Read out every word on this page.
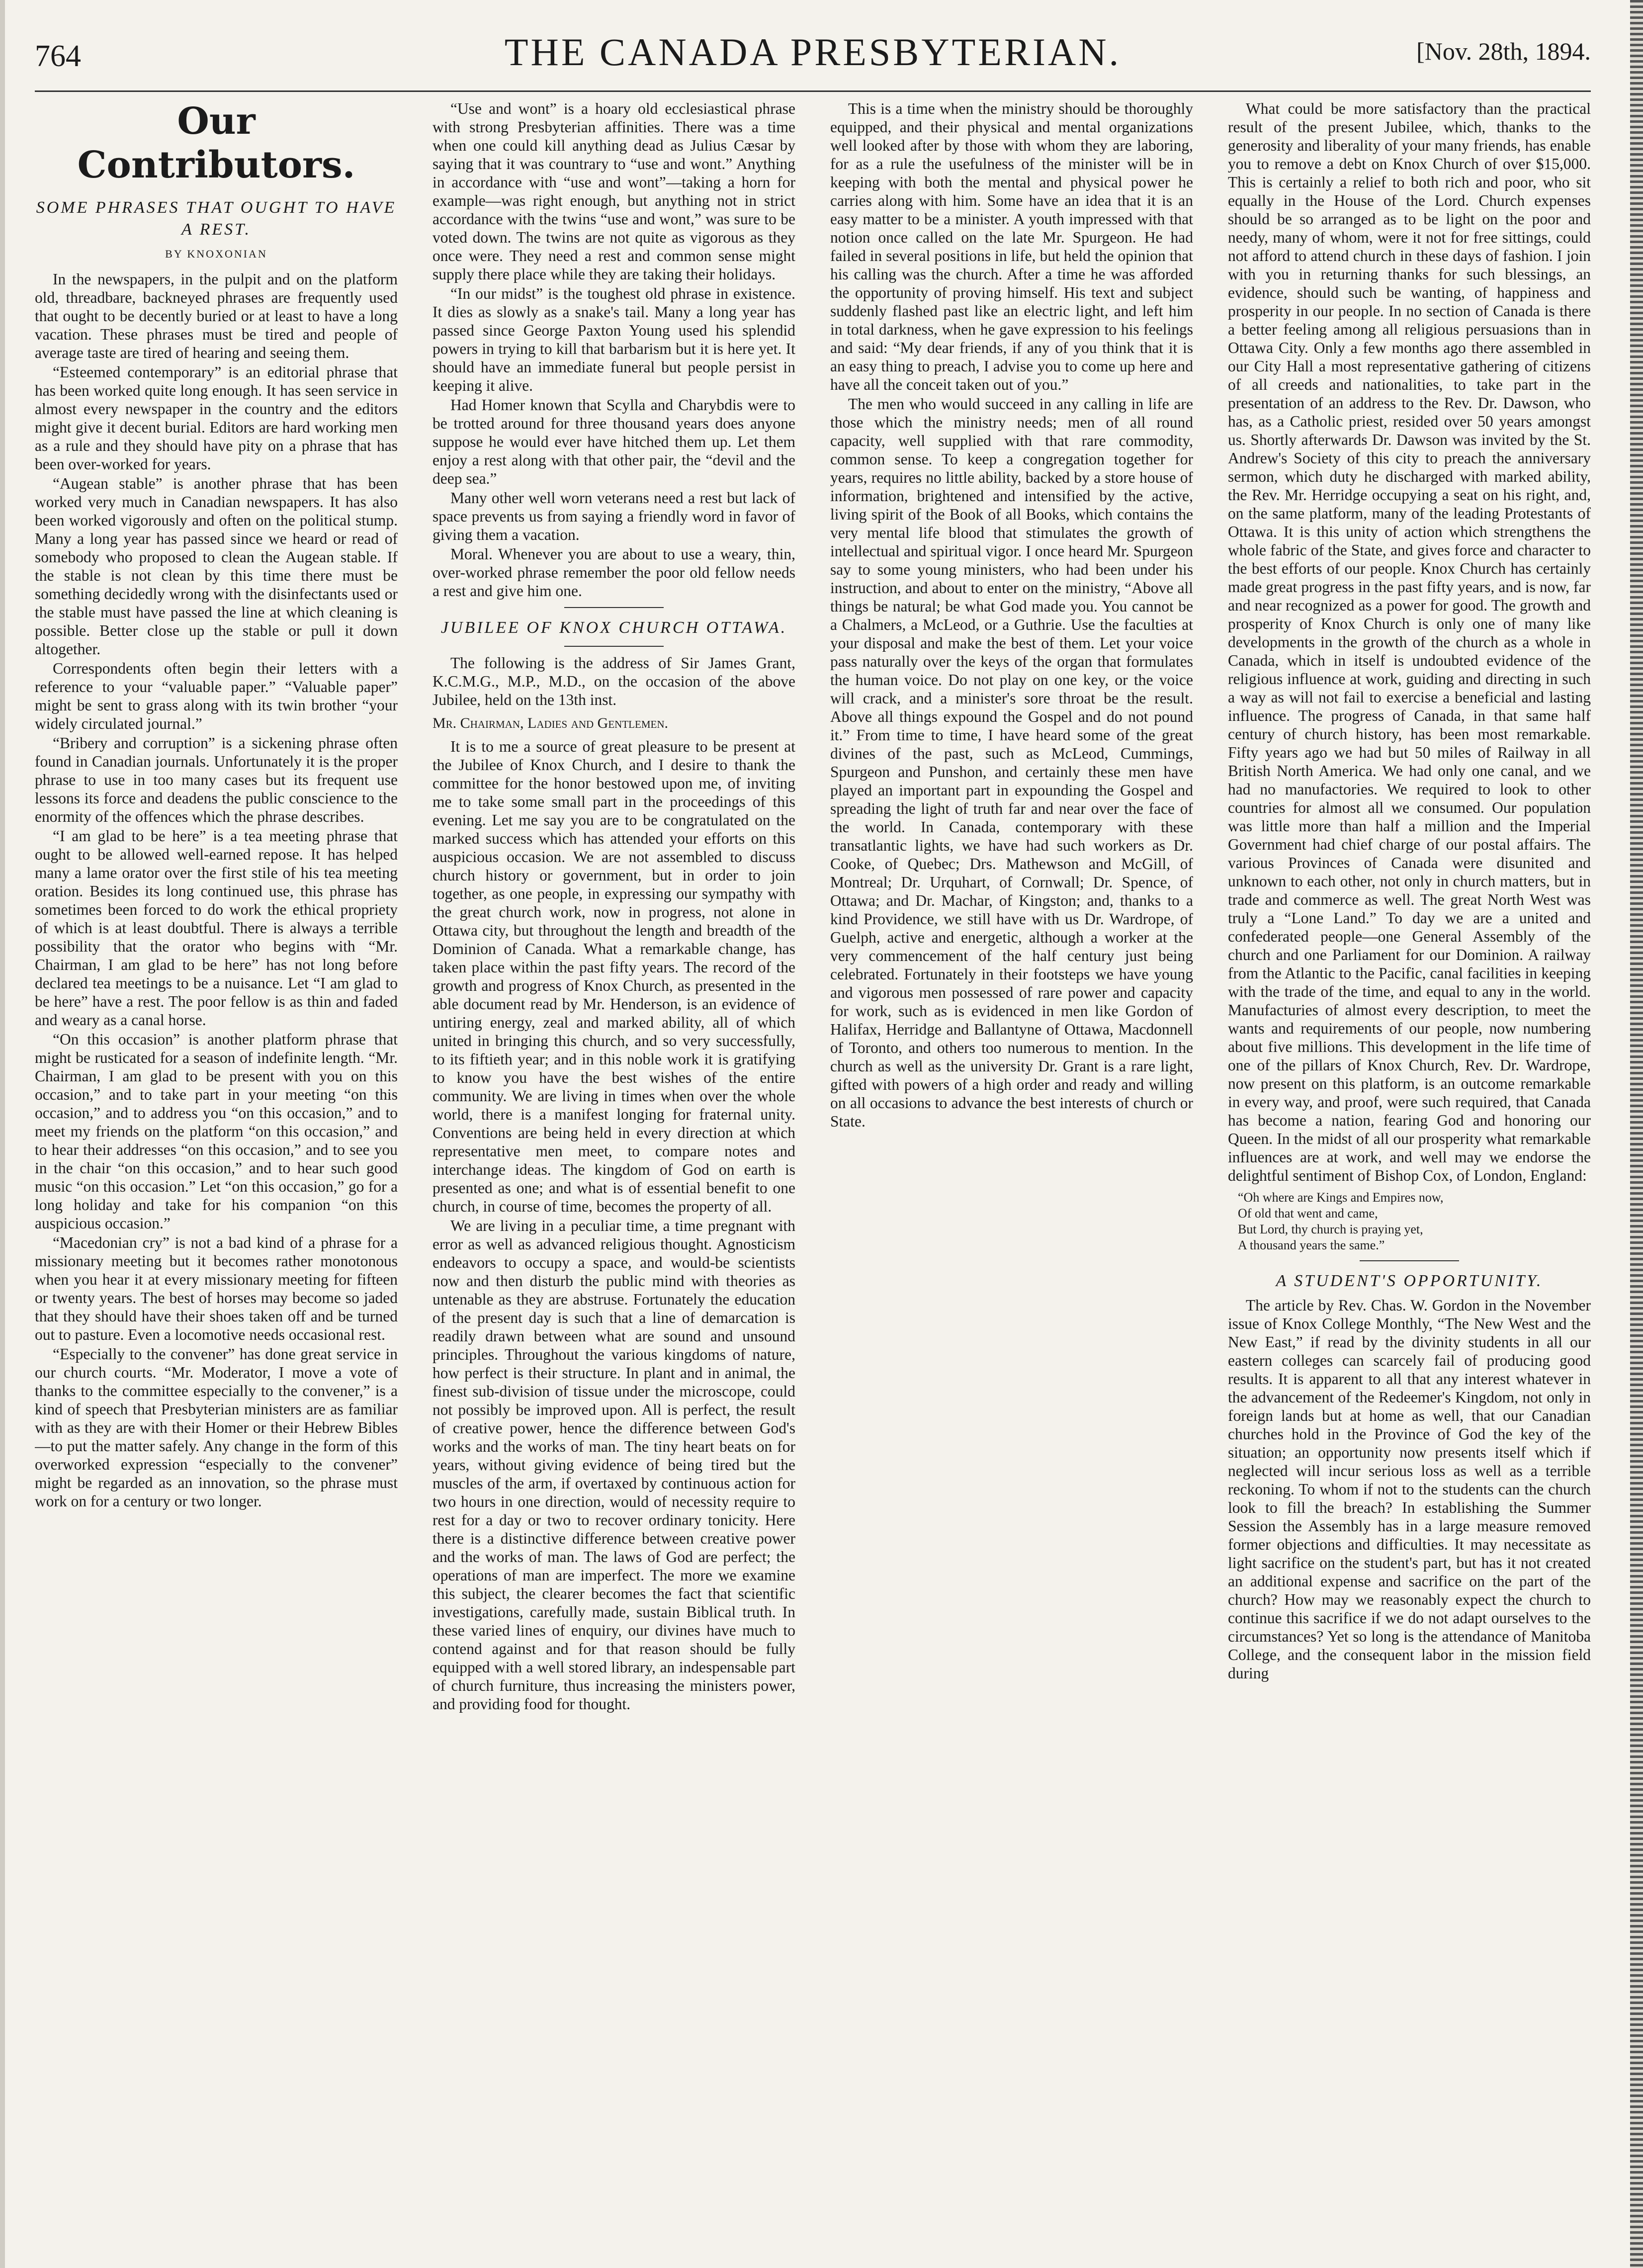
764	THE CANADA PRESBYTERIAN.	[Nov. 28th, 1894.
Our Contributors.
SOME PHRASES THAT OUGHT TO HAVE A REST.
BY KNOXONIAN

In the newspapers, in the pulpit and on the platform old, threadbare, backneyed phrases are frequently used that ought to be decently buried or at least to have a long vacation. These phrases must be tired and people of average taste are tired of hearing and seeing them.

“Esteemed contemporary” is an editorial phrase that has been worked quite long enough. It has seen service in almost every newspaper in the country and the editors might give it decent burial. Editors are hard working men as a rule and they should have pity on a phrase that has been over-worked for years.

“Augean stable” is another phrase that has been worked very much in Canadian newspapers. It has also been worked vigorously and often on the political stump. Many a long year has passed since we heard or read of somebody who proposed to clean the Augean stable. If the stable is not clean by this time there must be something decidedly wrong with the disinfectants used or the stable must have passed the line at which cleaning is possible. Better close up the stable or pull it down altogether.

Correspondents often begin their letters with a reference to your “valuable paper.” “Valuable paper” might be sent to grass along with its twin brother “your widely circulated journal.”

“Bribery and corruption” is a sickening phrase often found in Canadian journals. Unfortunately it is the proper phrase to use in too many cases but its frequent use lessons its force and deadens the public conscience to the enormity of the offences which the phrase describes.

“I am glad to be here” is a tea meeting phrase that ought to be allowed well-earned repose. It has helped many a lame orator over the first stile of his tea meeting oration. Besides its long continued use, this phrase has sometimes been forced to do work the ethical propriety of which is at least doubtful. There is always a terrible possibility that the orator who begins with “Mr. Chairman, I am glad to be here” has not long before declared tea meetings to be a nuisance. Let “I am glad to be here” have a rest. The poor fellow is as thin and faded and weary as a canal horse.

“On this occasion” is another platform phrase that might be rusticated for a season of indefinite length. “Mr. Chairman, I am glad to be present with you on this occasion,” and to take part in your meeting “on this occasion,” and to address you “on this occasion,” and to meet my friends on the platform “on this occasion,” and to hear their addresses “on this occasion,” and to see you in the chair “on this occasion,” and to hear such good music “on this occasion.” Let “on this occasion,” go for a long holiday and take for his companion “on this auspicious occasion.”

“Macedonian cry” is not a bad kind of a phrase for a missionary meeting but it becomes rather monotonous when you hear it at every missionary meeting for fifteen or twenty years. The best of horses may become so jaded that they should have their shoes taken off and be turned out to pasture. Even a locomotive needs occasional rest.

“Especially to the convener” has done great service in our church courts. “Mr. Moderator, I move a vote of thanks to the committee especially to the convener,” is a kind of speech that Presbyterian ministers are as familiar with as they are with their Homer or their Hebrew Bibles—to put the matter safely. Any change in the form of this overworked expression “especially to the convener” might be regarded as an innovation, so the phrase must work on for a century or two longer.

“Use and wont” is a hoary old ecclesiastical phrase with strong Presbyterian affinities. There was a time when one could kill anything dead as Julius Cæsar by saying that it was countrary to “use and wont.” Anything in accordance with “use and wont”—taking a horn for example—was right enough, but anything not in strict accordance with the twins “use and wont,” was sure to be voted down. The twins are not quite as vigorous as they once were. They need a rest and common sense might supply there place while they are taking their holidays.

“In our midst” is the toughest old phrase in existence. It dies as slowly as a snake's tail. Many a long year has passed since George Paxton Young used his splendid powers in trying to kill that barbarism but it is here yet. It should have an immediate funeral but people persist in keeping it alive.

Had Homer known that Scylla and Charybdis were to be trotted around for three thousand years does anyone suppose he would ever have hitched them up. Let them enjoy a rest along with that other pair, the “devil and the deep sea.”

Many other well worn veterans need a rest but lack of space prevents us from saying a friendly word in favor of giving them a vacation.

Moral. Whenever you are about to use a weary, thin, over-worked phrase remember the poor old fellow needs a rest and give him one.

JUBILEE OF KNOX CHURCH OTTAWA.

The following is the address of Sir James Grant, K.C.M.G., M.P., M.D., on the occasion of the above Jubilee, held on the 13th inst.

Mr. Chairman, Ladies and Gentlemen.

It is to me a source of great pleasure to be present at the Jubilee of Knox Church, and I desire to thank the committee for the honor bestowed upon me, of inviting me to take some small part in the proceedings of this evening. Let me say you are to be congratulated on the marked success which has attended your efforts on this auspicious occasion. We are not assembled to discuss church history or government, but in order to join together, as one people, in expressing our sympathy with the great church work, now in progress, not alone in Ottawa city, but throughout the length and breadth of the Dominion of Canada. What a remarkable change, has taken place within the past fifty years. The record of the growth and progress of Knox Church, as presented in the able document read by Mr. Henderson, is an evidence of untiring energy, zeal and marked ability, all of which united in bringing this church, and so very successfully, to its fiftieth year; and in this noble work it is gratifying to know you have the best wishes of the entire community. We are living in times when over the whole world, there is a manifest longing for fraternal unity. Conventions are being held in every direction at which representative men meet, to compare notes and interchange ideas. The kingdom of God on earth is presented as one; and what is of essential benefit to one church, in course of time, becomes the property of all.

We are living in a peculiar time, a time pregnant with error as well as advanced religious thought. Agnosticism endeavors to occupy a space, and would-be scientists now and then disturb the public mind with theories as untenable as they are abstruse. Fortunately the education of the present day is such that a line of demarcation is readily drawn between what are sound and unsound principles. Throughout the various kingdoms of nature, how perfect is their structure. In plant and in animal, the finest sub-division of tissue under the microscope, could not possibly be improved upon. All is perfect, the result of creative power, hence the difference between God's works and the works of man. The tiny heart beats on for years, without giving evidence of being tired but the muscles of the arm, if overtaxed by continuous action for two hours in one direction, would of necessity require to rest for a day or two to recover ordinary tonicity. Here there is a distinctive difference between creative power and the works of man. The laws of God are perfect; the operations of man are imperfect. The more we examine this subject, the clearer becomes the fact that scientific investigations, carefully made, sustain Biblical truth. In these varied lines of enquiry, our divines have much to contend against and for that reason should be fully equipped with a well stored library, an indespensable part of church furniture, thus increasing the ministers power, and providing food for thought.

This is a time when the ministry should be thoroughly equipped, and their physical and mental organizations well looked after by those with whom they are laboring, for as a rule the usefulness of the minister will be in keeping with both the mental and physical power he carries along with him. Some have an idea that it is an easy matter to be a minister. A youth impressed with that notion once called on the late Mr. Spurgeon. He had failed in several positions in life, but held the opinion that his calling was the church. After a time he was afforded the opportunity of proving himself. His text and subject suddenly flashed past like an electric light, and left him in total darkness, when he gave expression to his feelings and said: “My dear friends, if any of you think that it is an easy thing to preach, I advise you to come up here and have all the conceit taken out of you.”

The men who would succeed in any calling in life are those which the ministry needs; men of all round capacity, well supplied with that rare commodity, common sense. To keep a congregation together for years, requires no little ability, backed by a store house of information, brightened and intensified by the active, living spirit of the Book of all Books, which contains the very mental life blood that stimulates the growth of intellectual and spiritual vigor. I once heard Mr. Spurgeon say to some young ministers, who had been under his instruction, and about to enter on the ministry, “Above all things be natural; be what God made you. You cannot be a Chalmers, a McLeod, or a Guthrie. Use the faculties at your disposal and make the best of them. Let your voice pass naturally over the keys of the organ that formulates the human voice. Do not play on one key, or the voice will crack, and a minister's sore throat be the result. Above all things expound the Gospel and do not pound it.” From time to time, I have heard some of the great divines of the past, such as McLeod, Cummings, Spurgeon and Punshon, and certainly these men have played an important part in expounding the Gospel and spreading the light of truth far and near over the face of the world. In Canada, contemporary with these transatlantic lights, we have had such workers as Dr. Cooke, of Quebec; Drs. Mathewson and McGill, of Montreal; Dr. Urquhart, of Cornwall; Dr. Spence, of Ottawa; and Dr. Machar, of Kingston; and, thanks to a kind Providence, we still have with us Dr. Wardrope, of Guelph, active and energetic, although a worker at the very commencement of the half century just being celebrated. Fortunately in their footsteps we have young and vigorous men possessed of rare power and capacity for work, such as is evidenced in men like Gordon of Halifax, Herridge and Ballantyne of Ottawa, Macdonnell of Toronto, and others too numerous to mention. In the church as well as the university Dr. Grant is a rare light, gifted with powers of a high order and ready and willing on all occasions to advance the best interests of church or State.

What could be more satisfactory than the practical result of the present Jubilee, which, thanks to the generosity and liberality of your many friends, has enable you to remove a debt on Knox Church of over $15,000. This is certainly a relief to both rich and poor, who sit equally in the House of the Lord. Church expenses should be so arranged as to be light on the poor and needy, many of whom, were it not for free sittings, could not afford to attend church in these days of fashion. I join with you in returning thanks for such blessings, an evidence, should such be wanting, of happiness and prosperity in our people. In no section of Canada is there a better feeling among all religious persuasions than in Ottawa City. Only a few months ago there assembled in our City Hall a most representative gathering of citizens of all creeds and nationalities, to take part in the presentation of an address to the Rev. Dr. Dawson, who has, as a Catholic priest, resided over 50 years amongst us. Shortly afterwards Dr. Dawson was invited by the St. Andrew's Society of this city to preach the anniversary sermon, which duty he discharged with marked ability, the Rev. Mr. Herridge occupying a seat on his right, and, on the same platform, many of the leading Protestants of Ottawa. It is this unity of action which strengthens the whole fabric of the State, and gives force and character to the best efforts of our people. Knox Church has certainly made great progress in the past fifty years, and is now, far and near recognized as a power for good. The growth and prosperity of Knox Church is only one of many like developments in the growth of the church as a whole in Canada, which in itself is undoubted evidence of the religious influence at work, guiding and directing in such a way as will not fail to exercise a beneficial and lasting influence. The progress of Canada, in that same half century of church history, has been most remarkable. Fifty years ago we had but 50 miles of Railway in all British North America. We had only one canal, and we had no manufactories. We required to look to other countries for almost all we consumed. Our population was little more than half a million and the Imperial Government had chief charge of our postal affairs. The various Provinces of Canada were disunited and unknown to each other, not only in church matters, but in trade and commerce as well. The great North West was truly a “Lone Land.” To day we are a united and confederated people—one General Assembly of the church and one Parliament for our Dominion. A railway from the Atlantic to the Pacific, canal facilities in keeping with the trade of the time, and equal to any in the world. Manufacturies of almost every description, to meet the wants and requirements of our people, now numbering about five millions. This development in the life time of one of the pillars of Knox Church, Rev. Dr. Wardrope, now present on this platform, is an outcome remarkable in every way, and proof, were such required, that Canada has become a nation, fearing God and honoring our Queen. In the midst of all our prosperity what remarkable influences are at work, and well may we endorse the delightful sentiment of Bishop Cox, of London, England:

“Oh where are Kings and Empires now,
Of old that went and came,
But Lord, thy church is praying yet,
A thousand years the same.”
A STUDENT'S OPPORTUNITY.

The article by Rev. Chas. W. Gordon in the November issue of Knox College Monthly, “The New West and the New East,” if read by the divinity students in all our eastern colleges can scarcely fail of producing good results. It is apparent to all that any interest whatever in the advancement of the Redeemer's Kingdom, not only in foreign lands but at home as well, that our Canadian churches hold in the Province of God the key of the situation; an opportunity now presents itself which if neglected will incur serious loss as well as a terrible reckoning. To whom if not to the students can the church look to fill the breach? In establishing the Summer Session the Assembly has in a large measure removed former objections and difficulties. It may necessitate as light sacrifice on the student's part, but has it not created an additional expense and sacrifice on the part of the church? How may we reasonably expect the church to continue this sacrifice if we do not adapt ourselves to the circumstances? Yet so long is the attendance of Manitoba College, and the consequent labor in the mission field during
